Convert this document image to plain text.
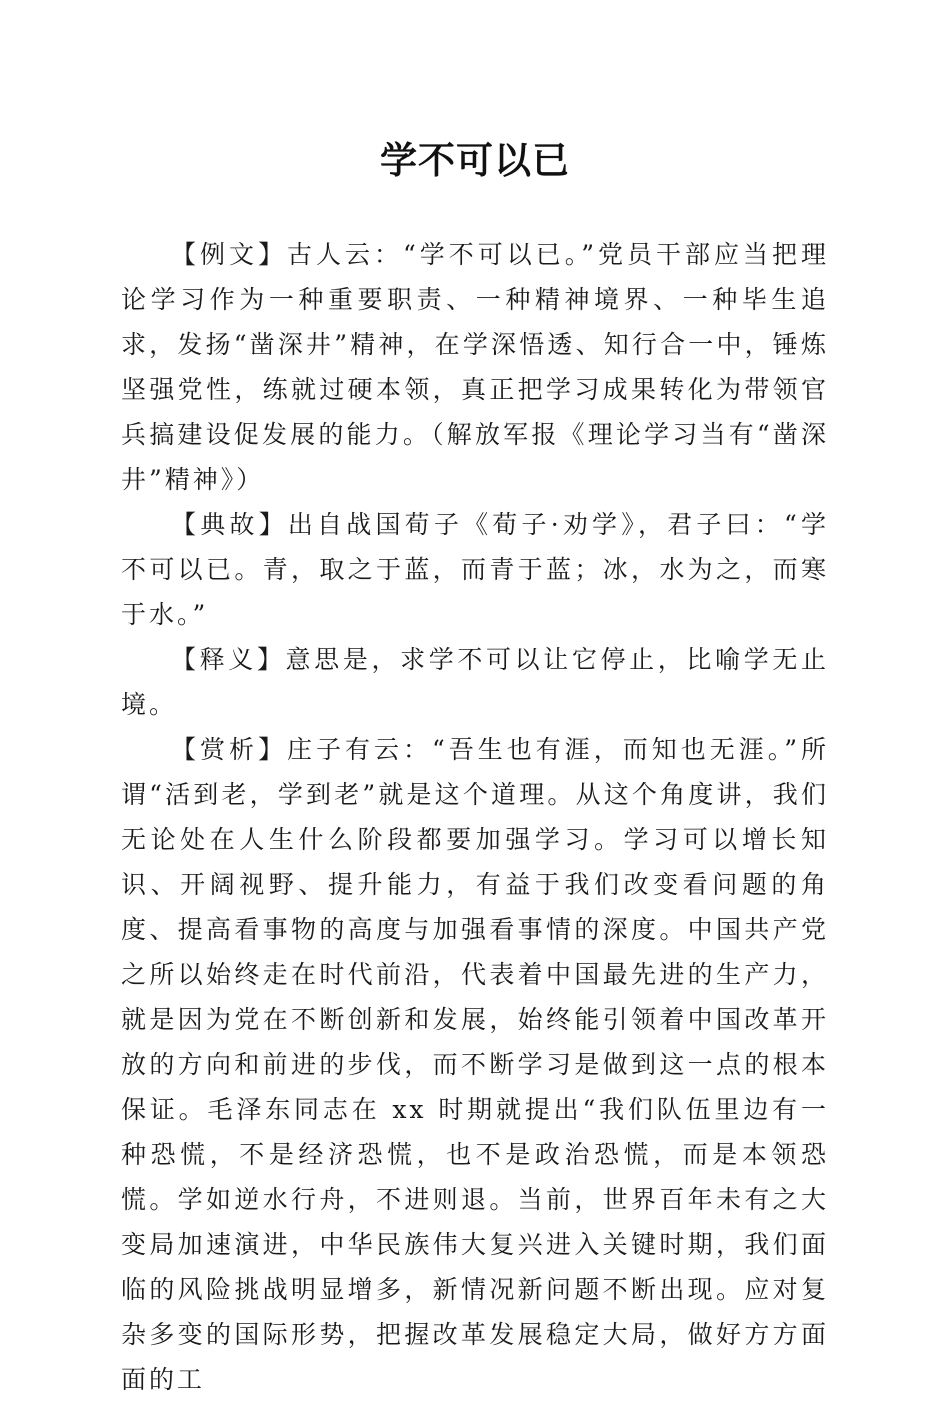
学不可以已

【例文】古人云：“学不可以已。”党员干部应当把理论学习作为一种重要职责、一种精神境界、一种毕生追求，发扬“凿深井”精神，在学深悟透、知行合一中，锤炼坚强党性，练就过硬本领，真正把学习成果转化为带领官兵搞建设促发展的能力。（解放军报《理论学习当有“凿深井”精神》）

【典故】出自战国荀子《荀子·劝学》，君子曰：“学不可以已。青，取之于蓝，而青于蓝；冰，水为之，而寒于水。”

【释义】意思是，求学不可以让它停止，比喻学无止境。

【赏析】庄子有云：“吾生也有涯，而知也无涯。”所谓“活到老，学到老”就是这个道理。从这个角度讲，我们无论处在人生什么阶段都要加强学习。学习可以增长知识、开阔视野、提升能力，有益于我们改变看问题的角度、提高看事物的高度与加强看事情的深度。中国共产党之所以始终走在时代前沿，代表着中国最先进的生产力，就是因为党在不断创新和发展，始终能引领着中国改革开放的方向和前进的步伐，而不断学习是做到这一点的根本保证。毛泽东同志在 xx 时期就提出“我们队伍里边有一种恐慌，不是经济恐慌，也不是政治恐慌，而是本领恐慌。学如逆水行舟，不进则退。当前，世界百年未有之大变局加速演进，中华民族伟大复兴进入关键时期，我们面临的风险挑战明显增多，新情况新问题不断出现。应对复杂多变的国际形势，把握改革发展稳定大局，做好方方面面的工
